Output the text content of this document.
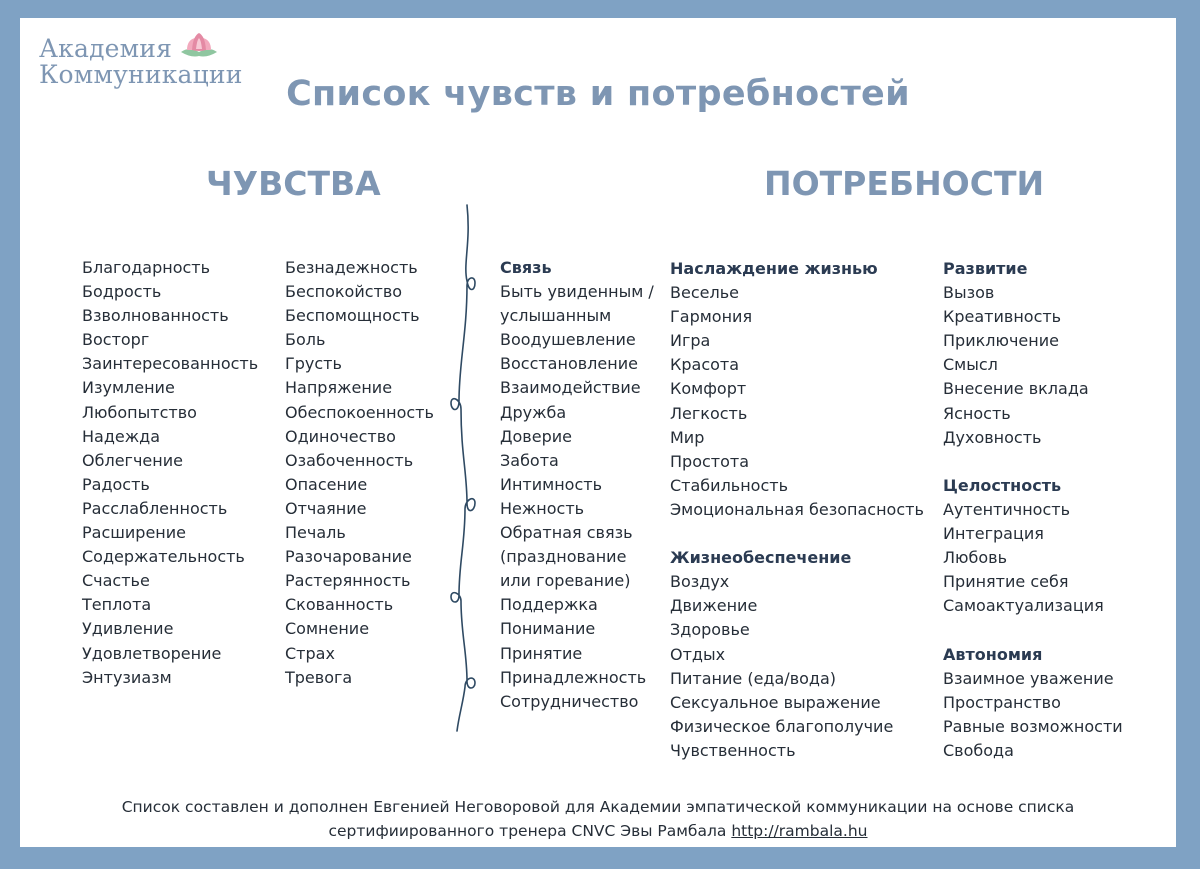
Академия
Коммуникации	Список чувств и потребностей
ЧУВСТВА	ПОТРЕБНОСТИ
Благодарность
Бодрость
Взволнованность
Восторг
Заинтересованность
Изумление
Любопытство
Надежда
Облегчение
Радость
Расслабленность
Расширение
Содержательность
Счастье
Теплота
Удивление
Удовлетворение
Энтузиазм
Безнадежность
Беспокойство
Беспомощность
Боль
Грусть
Напряжение
Обеспокоенность
Одиночество
Озабоченность
Опасение
Отчаяние
Печаль
Разочарование
Растерянность
Скованность
Сомнение
Страх
Тревога
Связь
Быть увиденным /
услышанным
Воодушевление
Восстановление
Взаимодействие
Дружба
Доверие
Забота
Интимность
Нежность
Обратная связь
(празднование
или горевание)
Поддержка
Понимание
Принятие
Принадлежность
Сотрудничество
Наслаждение жизнью
Веселье
Гармония
Игра
Красота
Комфорт
Легкость
Мир
Простота
Стабильность
Эмоциональная безопасность
Жизнеобеспечение
Воздух
Движение
Здоровье
Отдых
Питание (еда/вода)
Сексуальное выражение
Физическое благополучие
Чувственность
Развитие
Вызов
Креативность
Приключение
Смысл
Внесение вклада
Ясность
Духовность
Целостность
Аутентичность
Интеграция
Любовь
Принятие себя
Самоактуализация
Автономия
Взаимное уважение
Пространство
Равные возможности
Свобода
Список составлен и дополнен Евгенией Неговоровой для Академии эмпатической коммуникации на основе списка
сертифиированного тренера CNVC Эвы Рамбала http://rambala.hu
